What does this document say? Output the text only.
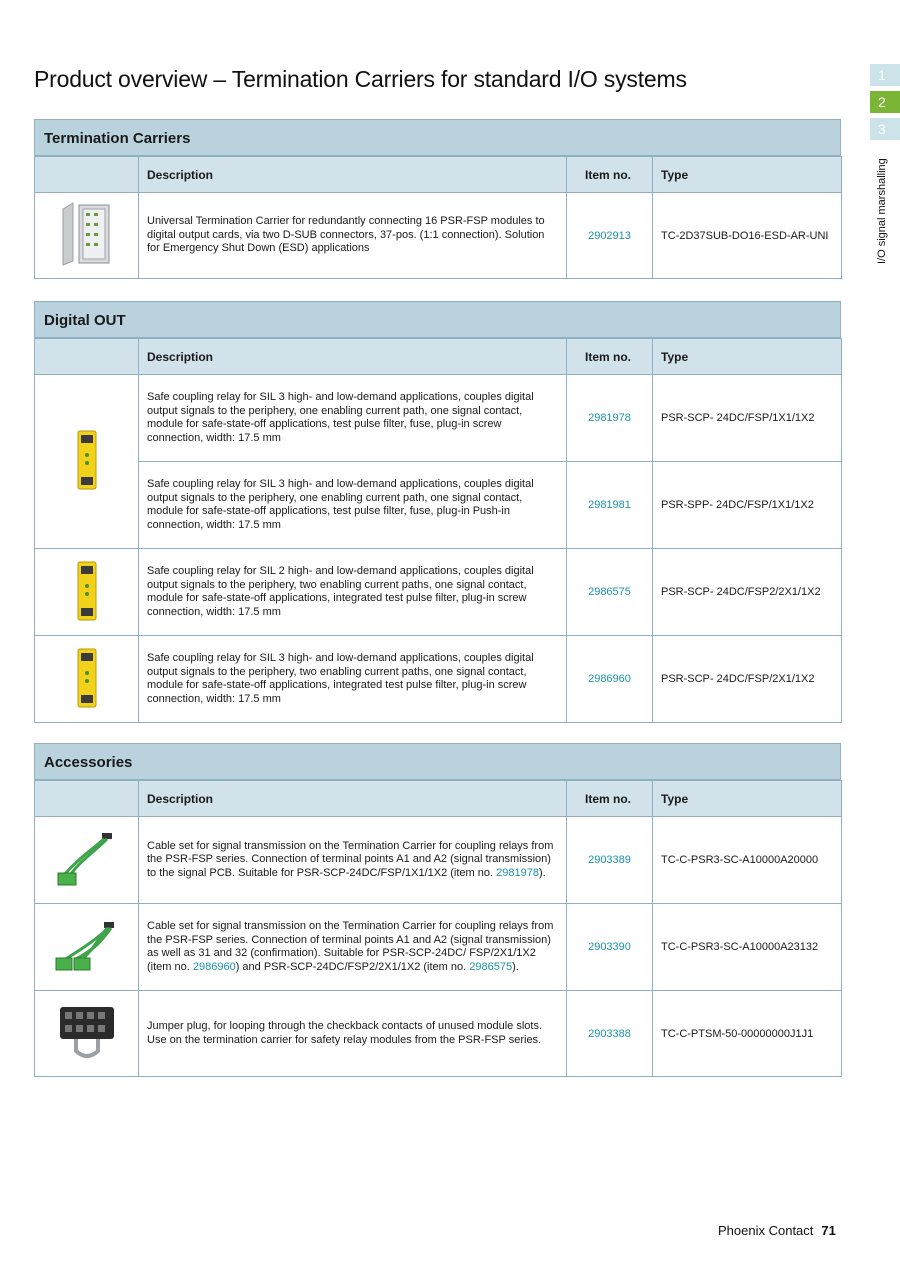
Product overview – Termination Carriers for standard I/O systems	1
2
3
I/O signal marshalling
Termination Carriers
	Description	Item no.	Type
	Universal Termination Carrier for redundantly connecting 16 PSR-FSP modules to digital output cards, via two D-SUB connectors, 37-pos. (1:1 connection). Solution for Emergency Shut Down (ESD) applications	2902913	TC-2D37SUB-DO16-ESD-AR-UNI
Digital OUT
	Description	Item no.	Type
	Safe coupling relay for SIL 3 high- and low-demand applications, couples digital output signals to the periphery, one enabling current path, one signal contact, module for safe-state-off applications, test pulse filter, fuse, plug-in screw connection, width: 17.5 mm	2981978	PSR-SCP- 24DC/FSP/1X1/1X2
	Safe coupling relay for SIL 3 high- and low-demand applications, couples digital output signals to the periphery, one enabling current path, one signal contact, module for safe-state-off applications, test pulse filter, fuse, plug-in Push-in connection, width: 17.5 mm	2981981	PSR-SPP- 24DC/FSP/1X1/1X2
	Safe coupling relay for SIL 2 high- and low-demand applications, couples digital output signals to the periphery, two enabling current paths, one signal contact, module for safe-state-off applications, integrated test pulse filter, plug-in screw connection, width: 17.5 mm	2986575	PSR-SCP- 24DC/FSP2/2X1/1X2
	Safe coupling relay for SIL 3 high- and low-demand applications, couples digital output signals to the periphery, two enabling current paths, one signal contact, module for safe-state-off applications, integrated test pulse filter, plug-in screw connection, width: 17.5 mm	2986960	PSR-SCP- 24DC/FSP/2X1/1X2
Accessories
	Description	Item no.	Type
	Cable set for signal transmission on the Termination Carrier for coupling relays from the PSR-FSP series. Connection of terminal points A1 and A2 (signal transmission) to the signal PCB. Suitable for PSR-SCP-24DC/FSP/1X1/1X2 (item no. 2981978).	2903389	TC-C-PSR3-SC-A10000A20000
	Cable set for signal transmission on the Termination Carrier for coupling relays from the PSR-FSP series. Connection of terminal points A1 and A2 (signal transmission) as well as 31 and 32 (confirmation). Suitable for PSR-SCP-24DC/ FSP/2X1/1X2 (item no. 2986960) and PSR-SCP-24DC/FSP2/2X1/1X2 (item no. 2986575).	2903390	TC-C-PSR3-SC-A10000A23132
	Jumper plug, for looping through the checkback contacts of unused module slots. Use on the termination carrier for safety relay modules from the PSR-FSP series.	2903388	TC-C-PTSM-50-00000000J1J1
Phoenix Contact 71
